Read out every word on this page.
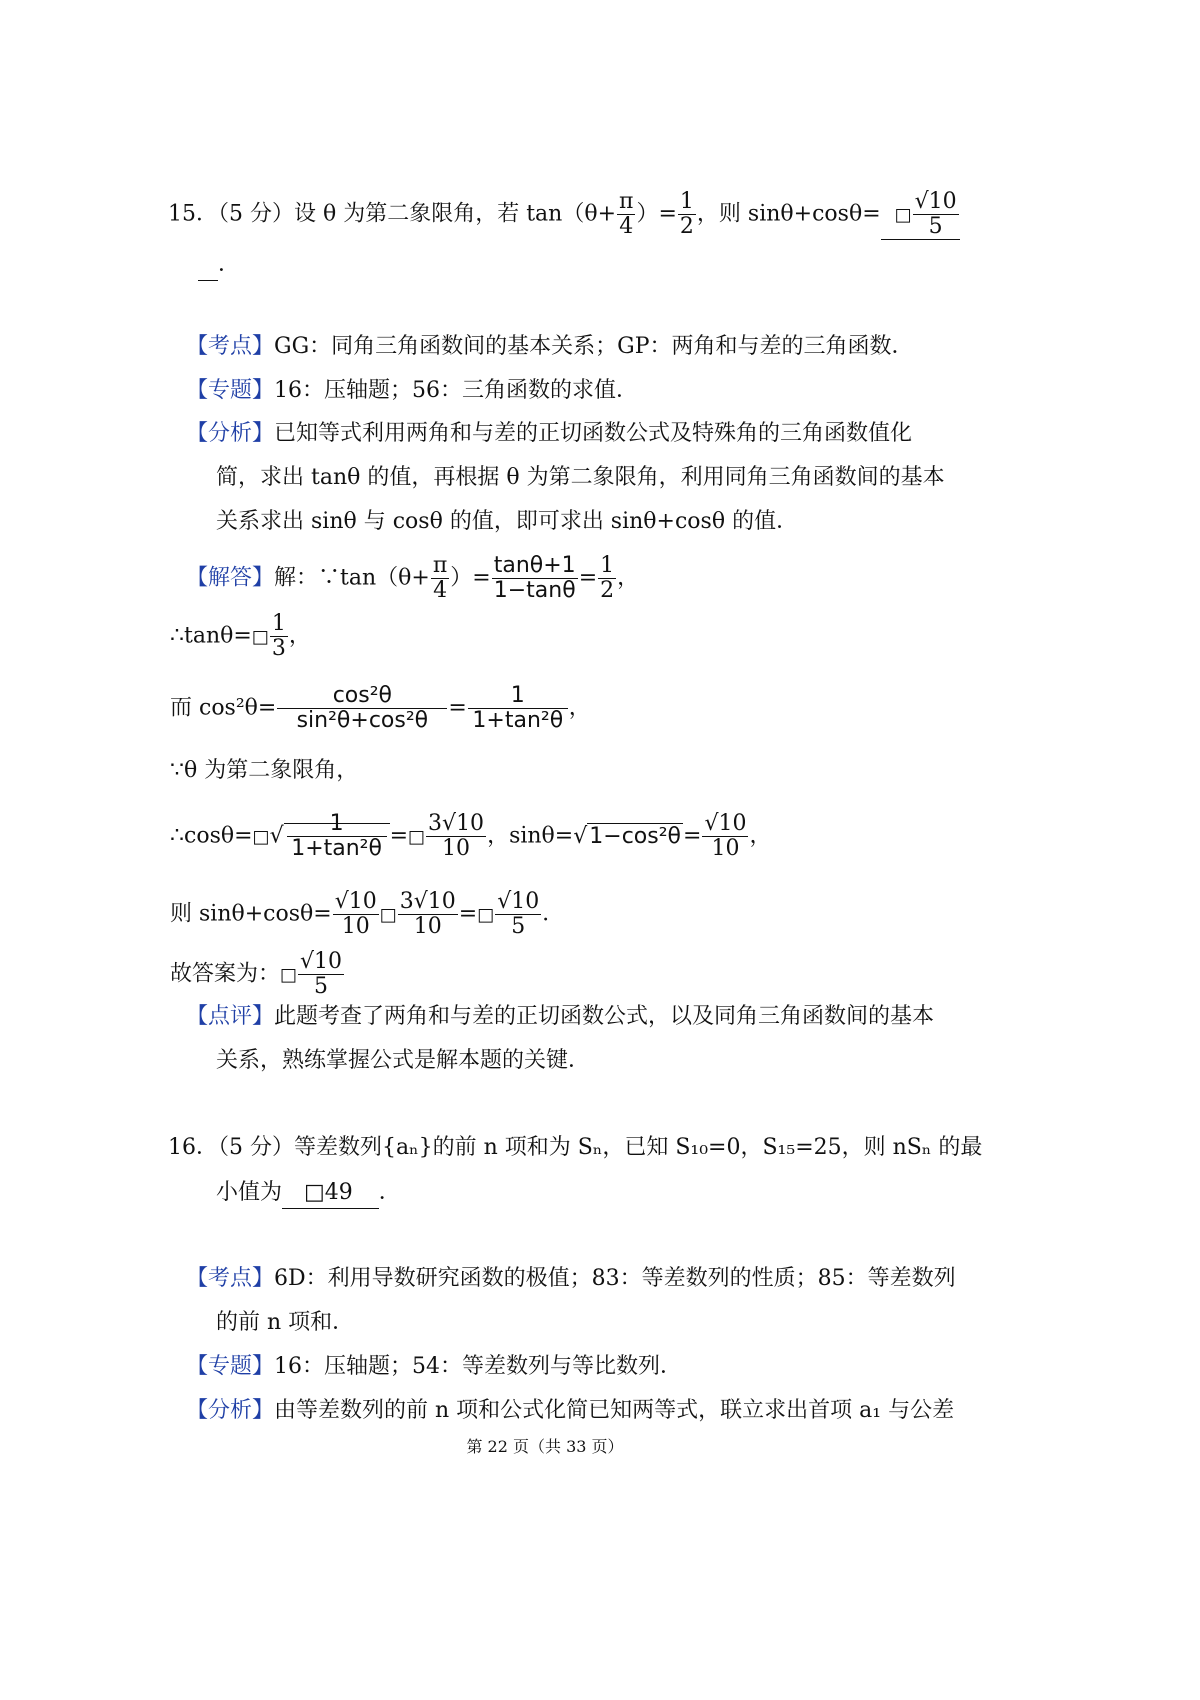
15．（5 分）设 θ 为第二象限角，若 $\tan(\theta+ \frac{\pi}{4}$ ）= $\frac{1}{2}$ ，则 sinθ+cosθ= □ $\frac{√10}{5}$
．
【考点】GG：同角三角函数间的基本关系；GP：两角和与差的三角函数．
【专题】16：压轴题；56：三角函数的求值．
【分析】已知等式利用两角和与差的正切函数公式及特殊角的三角函数值化
简，求出 tanθ 的值，再根据 θ 为第二象限角，利用同角三角函数间的基本
关系求出 sinθ 与 cosθ 的值，即可求出 sinθ+cosθ 的值．
【解答】解：∵tan（θ+ $\frac{\pi}{4}$ ）= $\frac{\tan\theta+1}{1-\tan\theta} = \frac{1}{2}$ ，
∴tanθ=□ $\frac{1}{3}$ ，
而 $\cos^2\theta= \frac{\text{cos²θ}}{\text{sin²θ+cos²θ}} = \frac{1}{\text{1+tan²θ}}$ ，
∵θ 为第二象限角，
∴cosθ=□√ $\frac{1}{\text{1+tan²θ}}$ =□ $\frac{3√10}{10}$ ，$\sin\theta=√1-\cos^2\theta= \frac{√10}{10}$ ，
则 $\sin\theta+\cos\theta= \frac{√10}{10}$ □ $\frac{3√10}{10}$ =□ $\frac{√10}{5}$ ．
故答案为：□ $\frac{√10}{5}$
【点评】此题考查了两角和与差的正切函数公式，以及同角三角函数间的基本
关系，熟练掌握公式是解本题的关键．
16．（5 分）等差数列{aₙ}的前 n 项和为 Sₙ，已知 S₁₀=0，S₁₅=25，则 nSₙ 的最
小值为 □49 ．
【考点】6D：利用导数研究函数的极值；83：等差数列的性质；85：等差数列
的前 n 项和．
【专题】16：压轴题；54：等差数列与等比数列．
【分析】由等差数列的前 n 项和公式化简已知两等式，联立求出首项 a₁ 与公差
第 22 页（共 33 页）
